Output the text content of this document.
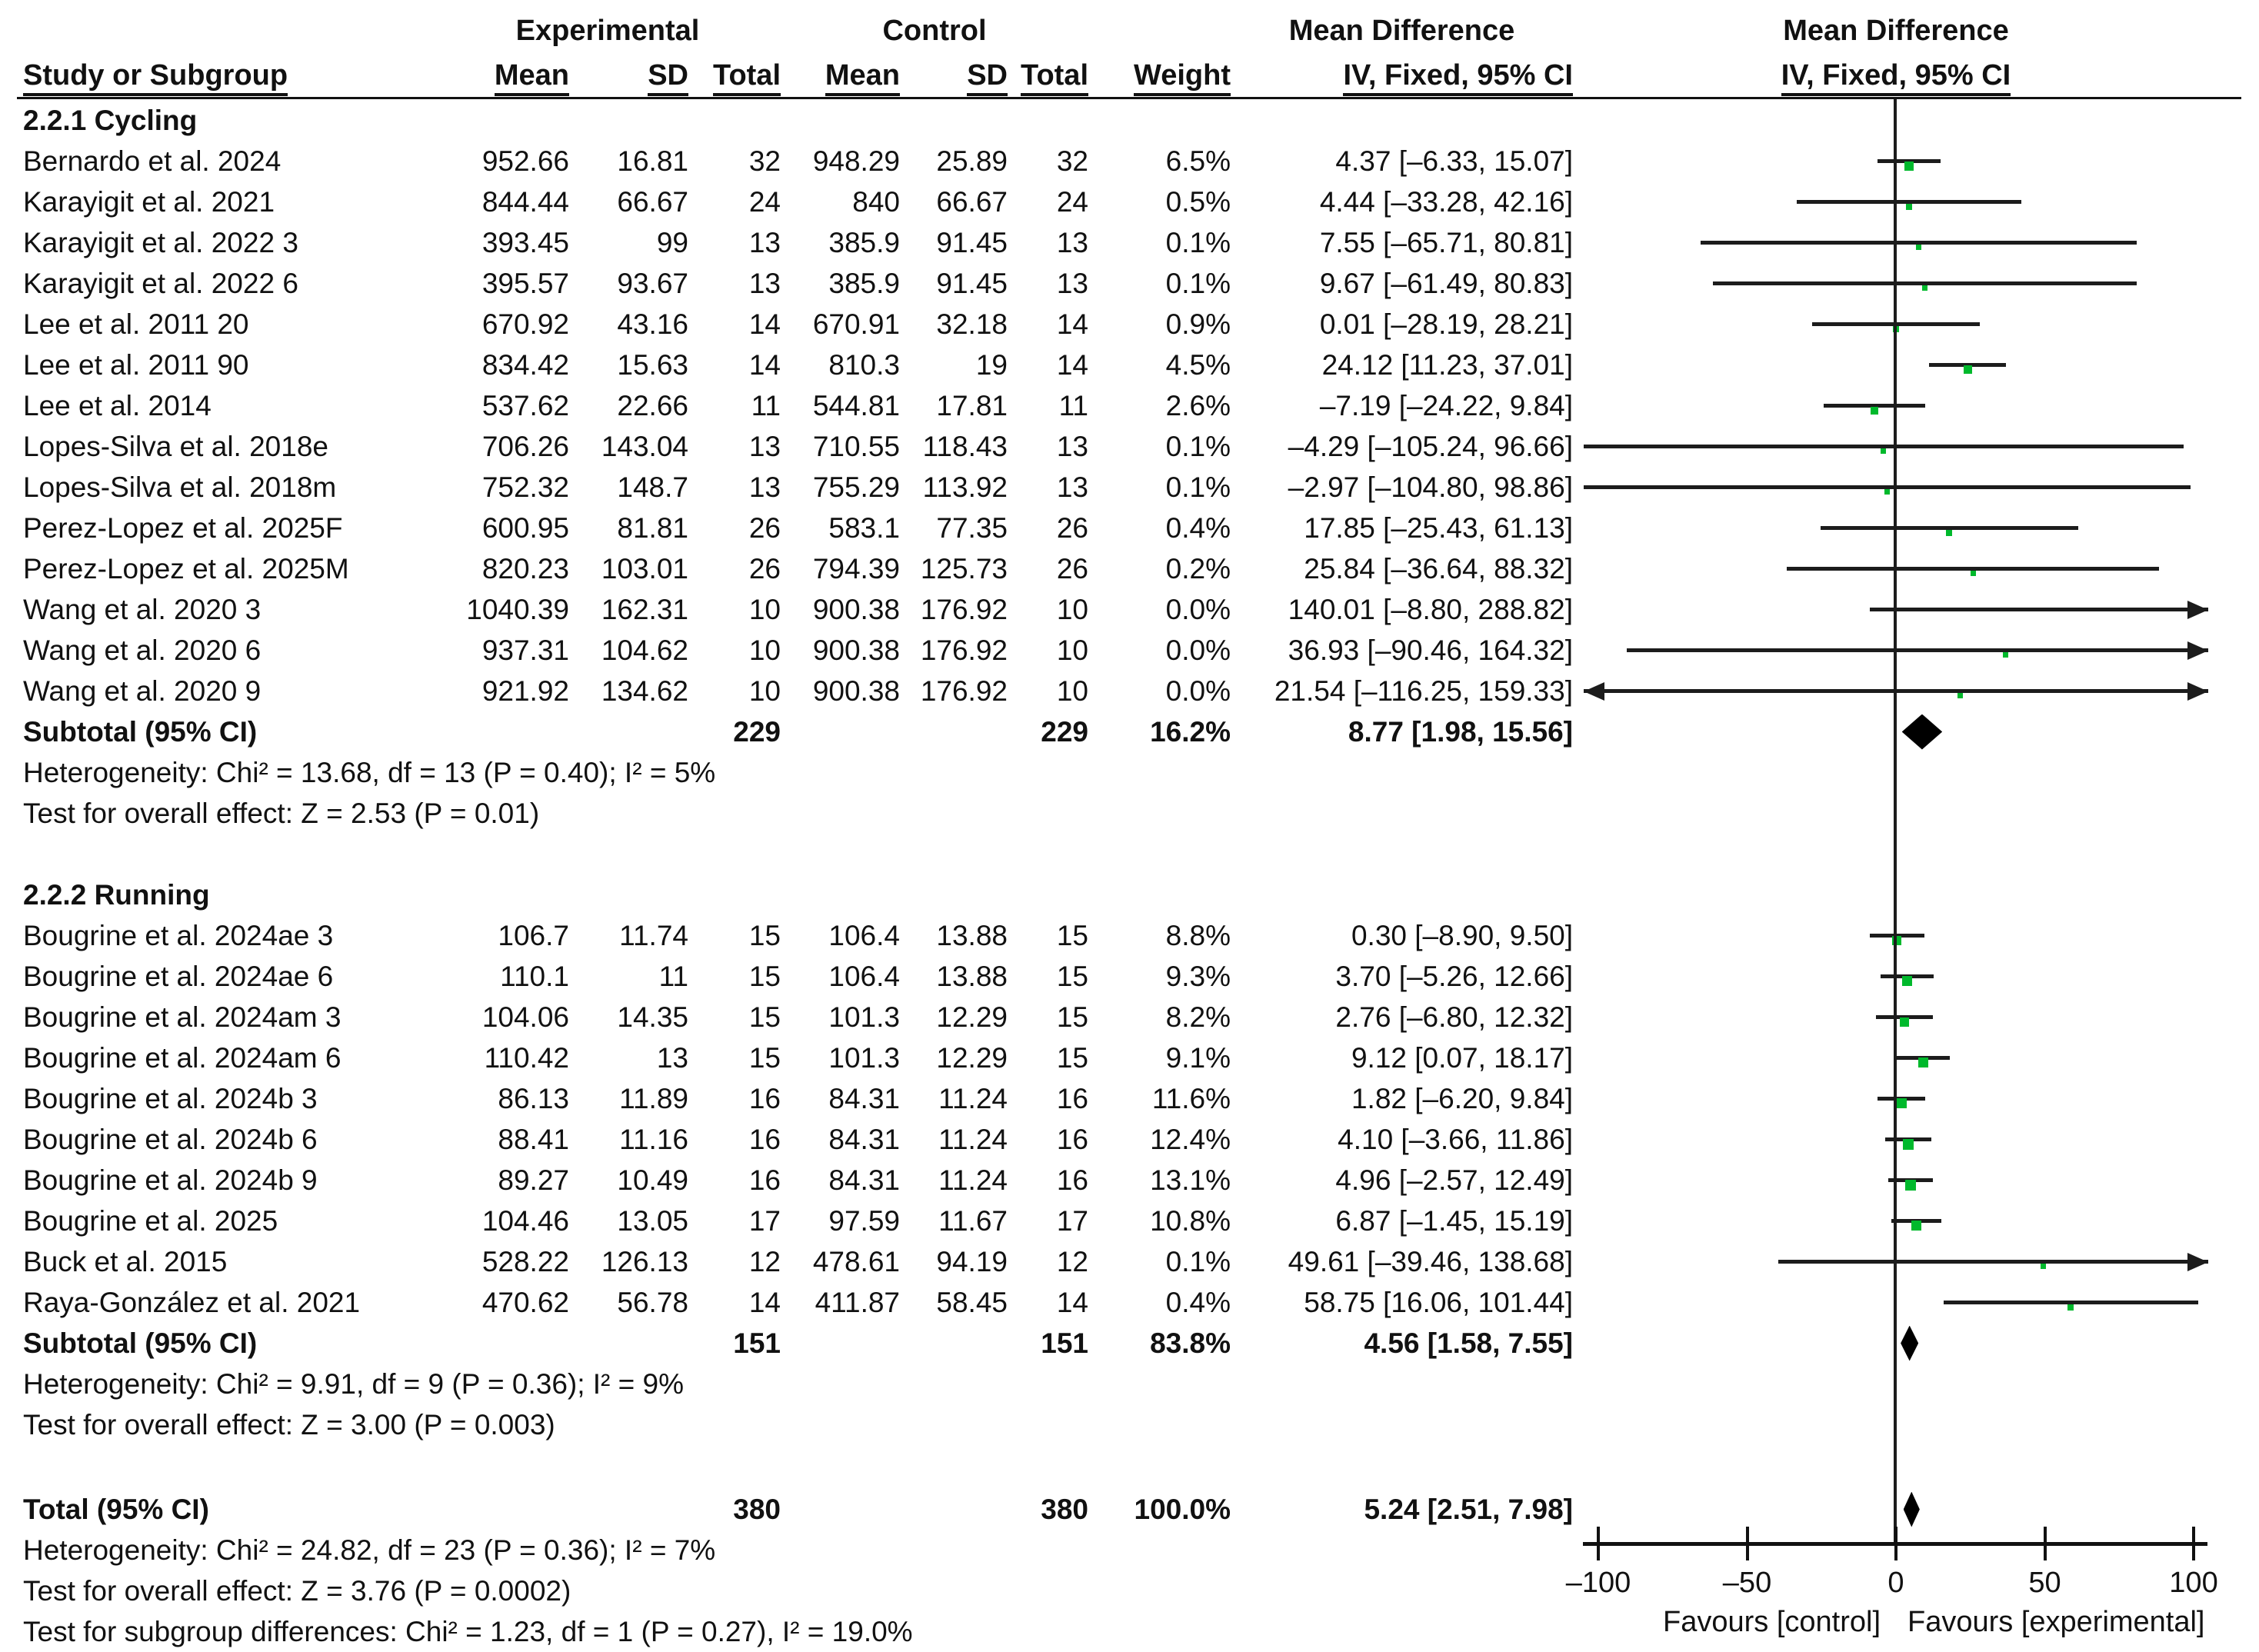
Experimental	Control	Mean Difference	Mean Difference
Study or Subgroup	Mean	SD Total	Mean	SD Total	Weight	IV, Fixed, 95% CI	IV, Fixed, 95% CI
2.2.1 Cycling
Bernardo et al. 2024	952.66	16.81	32	948.29	25.89	32	6.5%	4.37 [–6.33, 15.07]
Karayigit et al. 2021	844.44	66.67	24	840	66.67	24	0.5%	4.44 [–33.28, 42.16]
Karayigit et al. 2022 3	393.45	99	13	385.9	91.45	13	0.1%	7.55 [–65.71, 80.81]
Karayigit et al. 2022 6	395.57	93.67	13	385.9	91.45	13	0.1%	9.67 [–61.49, 80.83]
Lee et al. 2011 20	670.92	43.16	14	670.91	32.18	14	0.9%	0.01 [–28.19, 28.21]
Lee et al. 2011 90	834.42	15.63	14	810.3	19	14	4.5%	24.12 [11.23, 37.01]
Lee et al. 2014	537.62	22.66	11	544.81	17.81	11	2.6%	–7.19 [–24.22, 9.84]
Lopes-Silva et al. 2018e	706.26	143.04	13	710.55 118.43	13	0.1%	–4.29 [–105.24, 96.66]
Lopes-Silva et al. 2018m	752.32	148.7	13	755.29 113.92	13	0.1%	–2.97 [–104.80, 98.86]
Perez-Lopez et al. 2025F	600.95	81.81	26	583.1	77.35	26	0.4%	17.85 [–25.43, 61.13]
Perez-Lopez et al. 2025M	820.23	103.01	26	794.39 125.73	26	0.2%	25.84 [–36.64, 88.32]
Wang et al. 2020 3	1040.39	162.31	10	900.38 176.92	10	0.0%	140.01 [–8.80, 288.82]
Wang et al. 2020 6	937.31	104.62	10	900.38 176.92	10	0.0%	36.93 [–90.46, 164.32]
Wang et al. 2020 9	921.92	134.62	10	900.38 176.92	10	0.0%	21.54 [–116.25, 159.33]
Subtotal (95% CI)	229	229	16.2%	8.77 [1.98, 15.56]
Heterogeneity: Chi² = 13.68, df = 13 (P = 0.40); I² = 5%
Test for overall effect: Z = 2.53 (P = 0.01)
2.2.2 Running
Bougrine et al. 2024ae 3	106.7	11.74	15	106.4	13.88	15	8.8%	0.30 [–8.90, 9.50]
Bougrine et al. 2024ae 6	110.1	11	15	106.4	13.88	15	9.3%	3.70 [–5.26, 12.66]
Bougrine et al. 2024am 3	104.06	14.35	15	101.3	12.29	15	8.2%	2.76 [–6.80, 12.32]
Bougrine et al. 2024am 6	110.42	13	15	101.3	12.29	15	9.1%	9.12 [0.07, 18.17]
Bougrine et al. 2024b 3	86.13	11.89	16	84.31	11.24	16	11.6%	1.82 [–6.20, 9.84]
Bougrine et al. 2024b 6	88.41	11.16	16	84.31	11.24	16	12.4%	4.10 [–3.66, 11.86]
Bougrine et al. 2024b 9	89.27	10.49	16	84.31	11.24	16	13.1%	4.96 [–2.57, 12.49]
Bougrine et al. 2025	104.46	13.05	17	97.59	11.67	17	10.8%	6.87 [–1.45, 15.19]
Buck et al. 2015	528.22	126.13	12	478.61	94.19	12	0.1%	49.61 [–39.46, 138.68]
Raya-González et al. 2021	470.62	56.78	14	411.87	58.45	14	0.4%	58.75 [16.06, 101.44]
Subtotal (95% CI)	151	151	83.8%	4.56 [1.58, 7.55]
Heterogeneity: Chi² = 9.91, df = 9 (P = 0.36); I² = 9%
Test for overall effect: Z = 3.00 (P = 0.003)
Total (95% CI)	380	380	100.0%	5.24 [2.51, 7.98]
Heterogeneity: Chi² = 24.82, df = 23 (P = 0.36); I² = 7%
Test for overall effect: Z = 3.76 (P = 0.0002)
Test for subgroup differences: Chi² = 1.23, df = 1 (P = 0.27), I² = 19.0%
–100	–50	0	50	100
Favours [control] Favours [experimental]
